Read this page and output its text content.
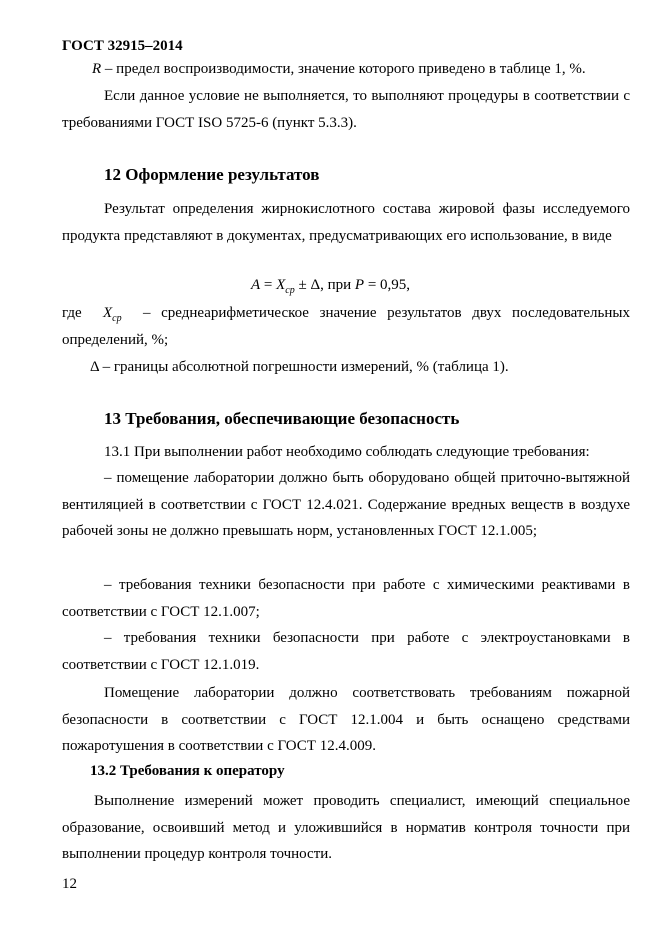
ГОСТ 32915–2014
R – предел воспроизводимости, значение которого приведено в таблице 1, %.
Если данное условие не выполняется, то выполняют процедуры в соответствии с требованиями ГОСТ ISO 5725-6 (пункт 5.3.3).
12 Оформление результатов
Результат определения жирнокислотного состава жировой фазы исследуемого продукта представляют в документах, предусматривающих его использование, в виде
$А = Х_{ср} \pm \Delta$, при Р = 0,95,
где	$Х_{ср}$	– среднеарифметическое значение результатов двух последовательных определений, %;
Δ – границы абсолютной погрешности измерений, % (таблица 1).
13 Требования, обеспечивающие безопасность
13.1 При выполнении работ необходимо соблюдать следующие требования:
– помещение лаборатории должно быть оборудовано общей приточно-вытяжной вентиляцией в соответствии с ГОСТ 12.4.021. Содержание вредных веществ в воздухе рабочей зоны не должно превышать норм, установленных ГОСТ 12.1.005;
– требования техники безопасности при работе с химическими реактивами в соответствии с ГОСТ 12.1.007;
– требования техники безопасности при работе с электроустановками в соответствии с ГОСТ 12.1.019.
Помещение лаборатории должно соответствовать требованиям пожарной безопасности в соответствии с ГОСТ 12.1.004 и быть оснащено средствами пожаротушения в соответствии с ГОСТ 12.4.009.
13.2 Требования к оператору
Выполнение измерений может проводить специалист, имеющий специальное образование, освоивший метод и уложившийся в норматив контроля точности при выполнении процедур контроля точности.
12
